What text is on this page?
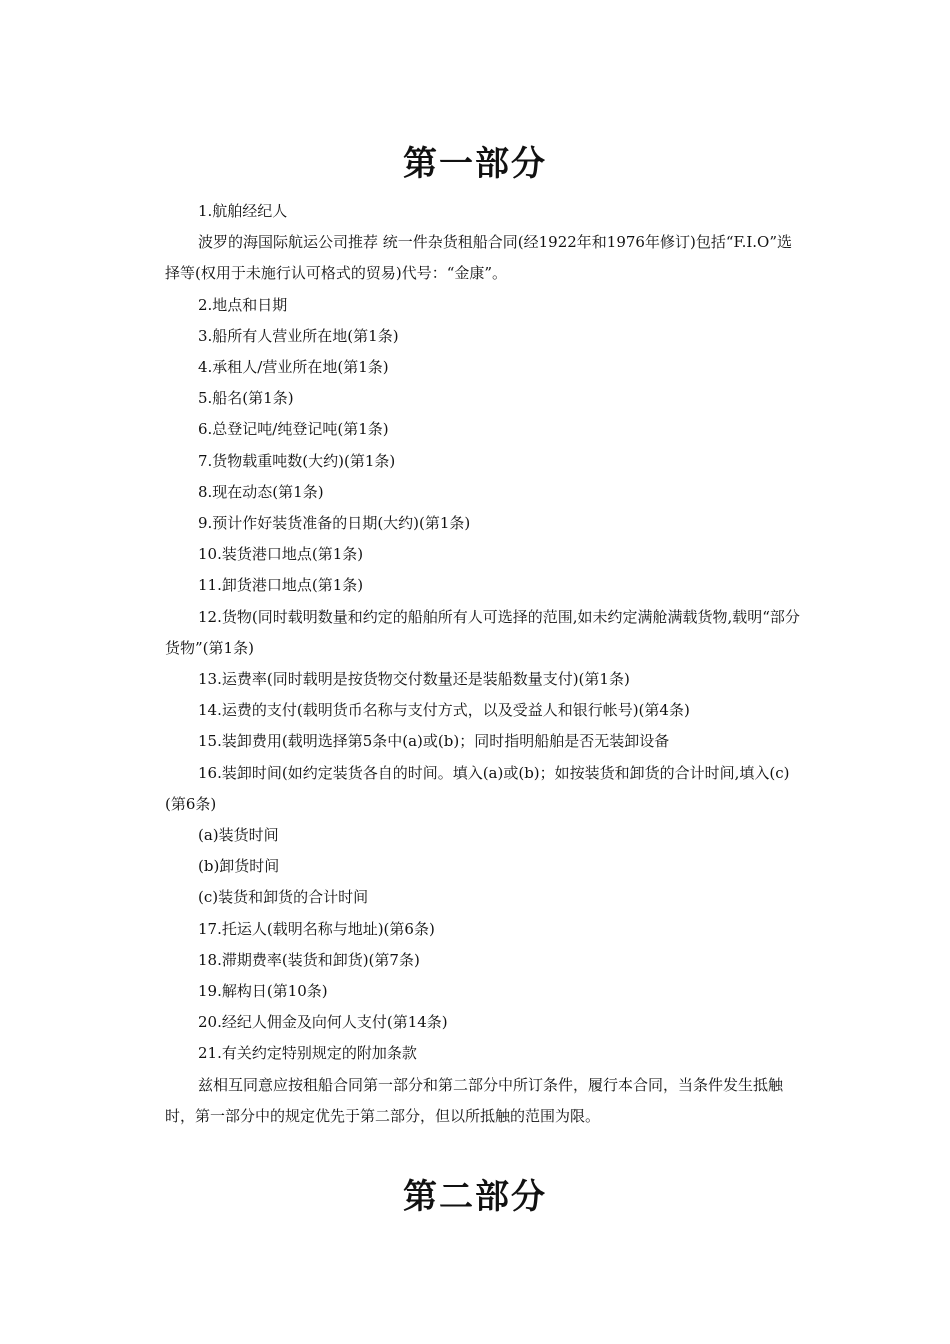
第一部分

1.航舶经纪人

波罗的海国际航运公司推荐 统一件杂货租船合同(经1922年和1976年修订)包括“F.I.O”选择等(权用于未施行认可格式的贸易)代号：“金康”。

2.地点和日期

3.船所有人营业所在地(第1条)

4.承租人/营业所在地(第1条)

5.船名(第1条)

6.总登记吨/纯登记吨(第1条)

7.货物载重吨数(大约)(第1条)

8.现在动态(第1条)

9.预计作好装货准备的日期(大约)(第1条)

10.装货港口地点(第1条)

11.卸货港口地点(第1条)

12.货物(同时载明数量和约定的船舶所有人可选择的范围,如未约定满舱满载货物,载明“部分货物”(第1条)

13.运费率(同时载明是按货物交付数量还是装船数量支付)(第1条)

14.运费的支付(载明货币名称与支付方式，以及受益人和银行帐号)(第4条)

15.装卸费用(载明选择第5条中(a)或(b)；同时指明船舶是否无装卸设备

16.装卸时间(如约定装货各自的时间。填入(a)或(b)；如按装货和卸货的合计时间,填入(c)(第6条)

(a)装货时间

(b)卸货时间

(c)装货和卸货的合计时间

17.托运人(载明名称与地址)(第6条)

18.滞期费率(装货和卸货)(第7条)

19.解构日(第10条)

20.经纪人佣金及向何人支付(第14条)

21.有关约定特别规定的附加条款

兹相互同意应按租船合同第一部分和第二部分中所订条件，履行本合同，当条件发生抵触时，第一部分中的规定优先于第二部分，但以所抵触的范围为限。

第二部分
